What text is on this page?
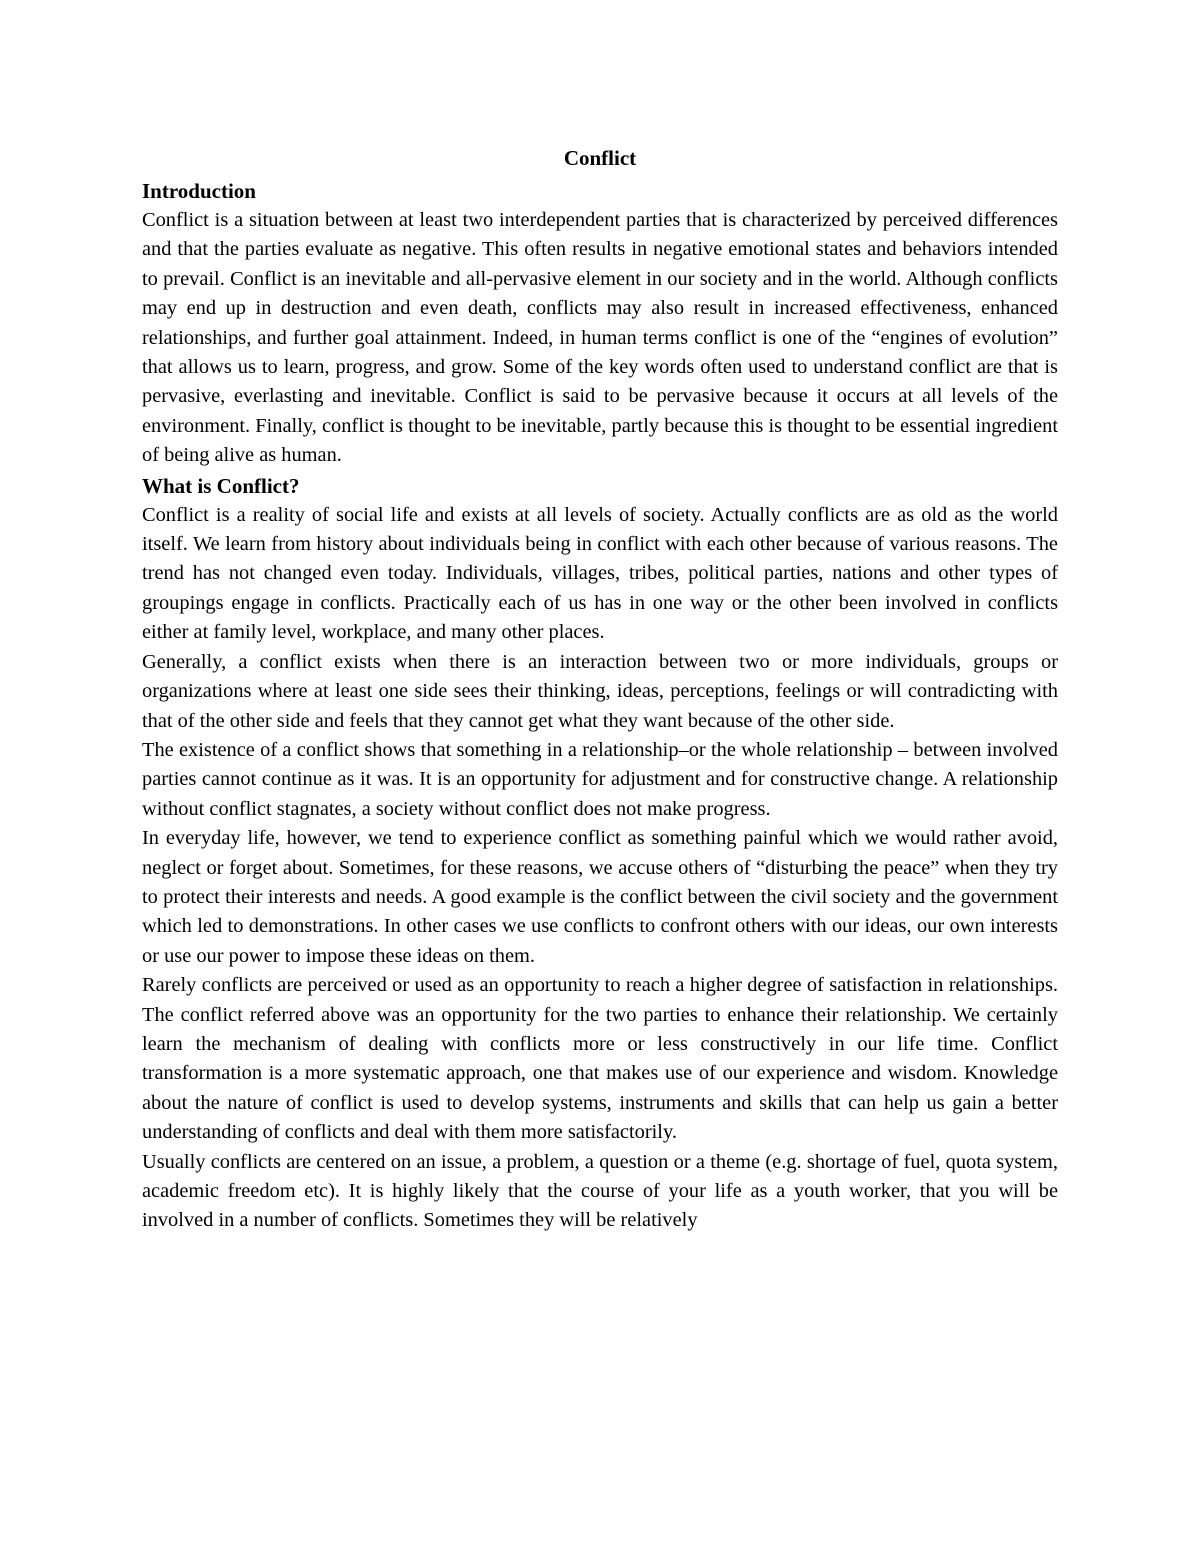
Conflict
Introduction

Conflict is a situation between at least two interdependent parties that is characterized by perceived differences and that the parties evaluate as negative. This often results in negative emotional states and behaviors intended to prevail. Conflict is an inevitable and all-pervasive element in our society and in the world. Although conflicts may end up in destruction and even death, conflicts may also result in increased effectiveness, enhanced relationships, and further goal attainment. Indeed, in human terms conflict is one of the “engines of evolution” that allows us to learn, progress, and grow. Some of the key words often used to understand conflict are that is pervasive, everlasting and inevitable. Conflict is said to be pervasive because it occurs at all levels of the environment. Finally, conflict is thought to be inevitable, partly because this is thought to be essential ingredient of being alive as human.

What is Conflict?

Conflict is a reality of social life and exists at all levels of society. Actually conflicts are as old as the world itself. We learn from history about individuals being in conflict with each other because of various reasons. The trend has not changed even today. Individuals, villages, tribes, political parties, nations and other types of groupings engage in conflicts. Practically each of us has in one way or the other been involved in conflicts either at family level, workplace, and many other places.

Generally, a conflict exists when there is an interaction between two or more individuals, groups or organizations where at least one side sees their thinking, ideas, perceptions, feelings or will contradicting with that of the other side and feels that they cannot get what they want because of the other side.

The existence of a conflict shows that something in a relationship–or the whole relationship – between involved parties cannot continue as it was. It is an opportunity for adjustment and for constructive change. A relationship without conflict stagnates, a society without conflict does not make progress.

In everyday life, however, we tend to experience conflict as something painful which we would rather avoid, neglect or forget about. Sometimes, for these reasons, we accuse others of “disturbing the peace” when they try to protect their interests and needs. A good example is the conflict between the civil society and the government which led to demonstrations. In other cases we use conflicts to confront others with our ideas, our own interests or use our power to impose these ideas on them.

Rarely conflicts are perceived or used as an opportunity to reach a higher degree of satisfaction in relationships. The conflict referred above was an opportunity for the two parties to enhance their relationship. We certainly learn the mechanism of dealing with conflicts more or less constructively in our life time. Conflict transformation is a more systematic approach, one that makes use of our experience and wisdom. Knowledge about the nature of conflict is used to develop systems, instruments and skills that can help us gain a better understanding of conflicts and deal with them more satisfactorily.

Usually conflicts are centered on an issue, a problem, a question or a theme (e.g. shortage of fuel, quota system, academic freedom etc). It is highly likely that the course of your life as a youth worker, that you will be involved in a number of conflicts. Sometimes they will be relatively
